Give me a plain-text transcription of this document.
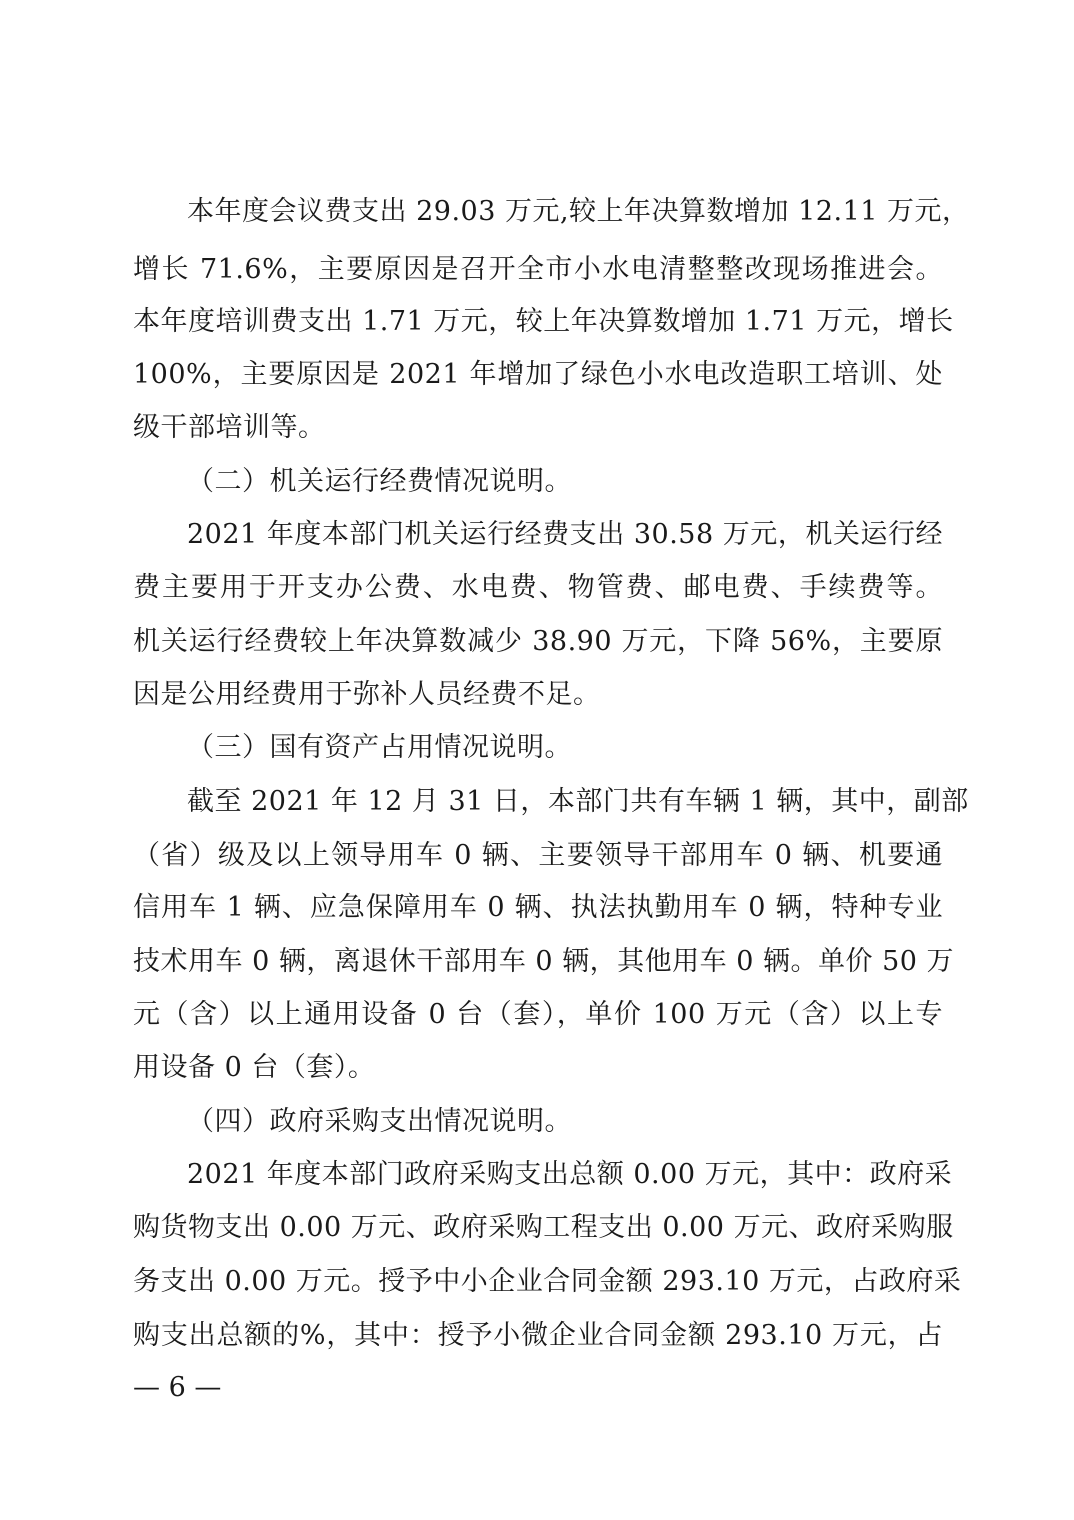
本年度会议费支出 29.03 万元,较上年决算数增加 12.11 万元，
增长 71.6%，主要原因是召开全市小水电清整整改现场推进会。
本年度培训费支出 1.71 万元，较上年决算数增加 1.71 万元，增长
100%，主要原因是 2021 年增加了绿色小水电改造职工培训、处
级干部培训等。
（二）机关运行经费情况说明。
2021 年度本部门机关运行经费支出 30.58 万元，机关运行经
费主要用于开支办公费、水电费、物管费、邮电费、手续费等。
机关运行经费较上年决算数减少 38.90 万元，下降 56%，主要原
因是公用经费用于弥补人员经费不足。
（三）国有资产占用情况说明。
截至 2021 年 12 月 31 日，本部门共有车辆 1 辆，其中，副部
（省）级及以上领导用车 0 辆、主要领导干部用车 0 辆、机要通
信用车 1 辆、应急保障用车 0 辆、执法执勤用车 0 辆，特种专业
技术用车 0 辆，离退休干部用车 0 辆，其他用车 0 辆。单价 50 万
元（含）以上通用设备 0 台（套），单价 100 万元（含）以上专
用设备 0 台（套）。
（四）政府采购支出情况说明。
2021 年度本部门政府采购支出总额 0.00 万元，其中：政府采
购货物支出 0.00 万元、政府采购工程支出 0.00 万元、政府采购服
务支出 0.00 万元。授予中小企业合同金额 293.10 万元，占政府采
购支出总额的%，其中：授予小微企业合同金额 293.10 万元，占
— 6 —
